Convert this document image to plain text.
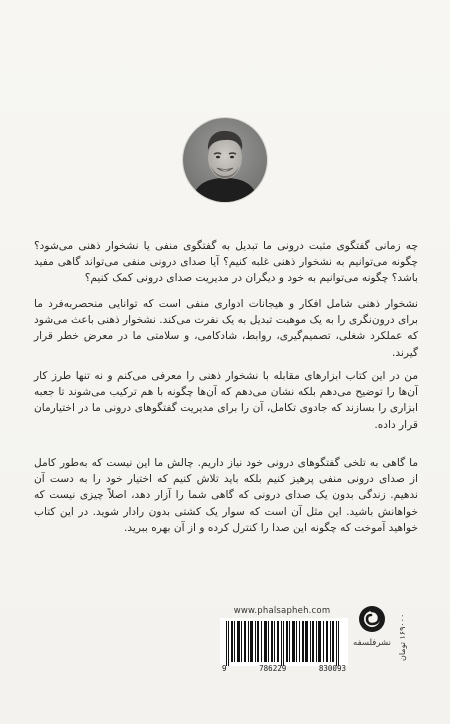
چه زمانی گفتگوی مثبت درونی ما تبدیل به گفتگوی منفی یا نشخوار ذهنی می‌شود؟ چگونه می‌توانیم به نشخوار ذهنی غلبه کنیم؟ آیا صدای درونی منفی می‌تواند گاهی مفید باشد؟ چگونه می‌توانیم به خود و دیگران در مدیریت صدای درونی کمک کنیم؟

نشخوار ذهنی شامل افکار و هیجانات ادواری منفی است که توانایی منحصربه‌فرد ما برای درون‌نگری را به یک موهبت تبدیل به یک نفرت می‌کند. نشخوار ذهنی باعث می‌شود که عملکرد شغلی، تصمیم‌گیری، روابط، شادکامی، و سلامتی ما در معرض خطر قرار گیرند.

من در این کتاب ابزارهای مقابله با نشخوار ذهنی را معرفی می‌کنم و نه تنها طرز کار آن‌ها را توضیح می‌دهم بلکه نشان می‌دهم که آن‌ها چگونه با هم ترکیب می‌شوند تا جعبه ابزاری را بسازند که جادوی تکامل، آن را برای مدیریت گفتگوهای درونی ما در اختیارمان قرار داده.

ما گاهی به تلخی گفتگوهای درونی خود نیاز داریم. چالش ما این نیست که به‌طور کامل از صدای درونی منفی پرهیز کنیم بلکه باید تلاش کنیم که اختیار خود را به دست آن ندهیم. زندگی بدون یک صدای درونی که گاهی شما را آزار دهد، اصلاً چیزی نیست که خواهانش باشید. این مثل آن است که سوار یک کشتی بدون رادار شوید. در این کتاب خواهید آموخت که چگونه این صدا را کنترل کرده و از آن بهره ببرید.

www.phalsapheh.com
9	786229	830093
نشرفلسفه ۱۶۹۰۰۰ تومان
